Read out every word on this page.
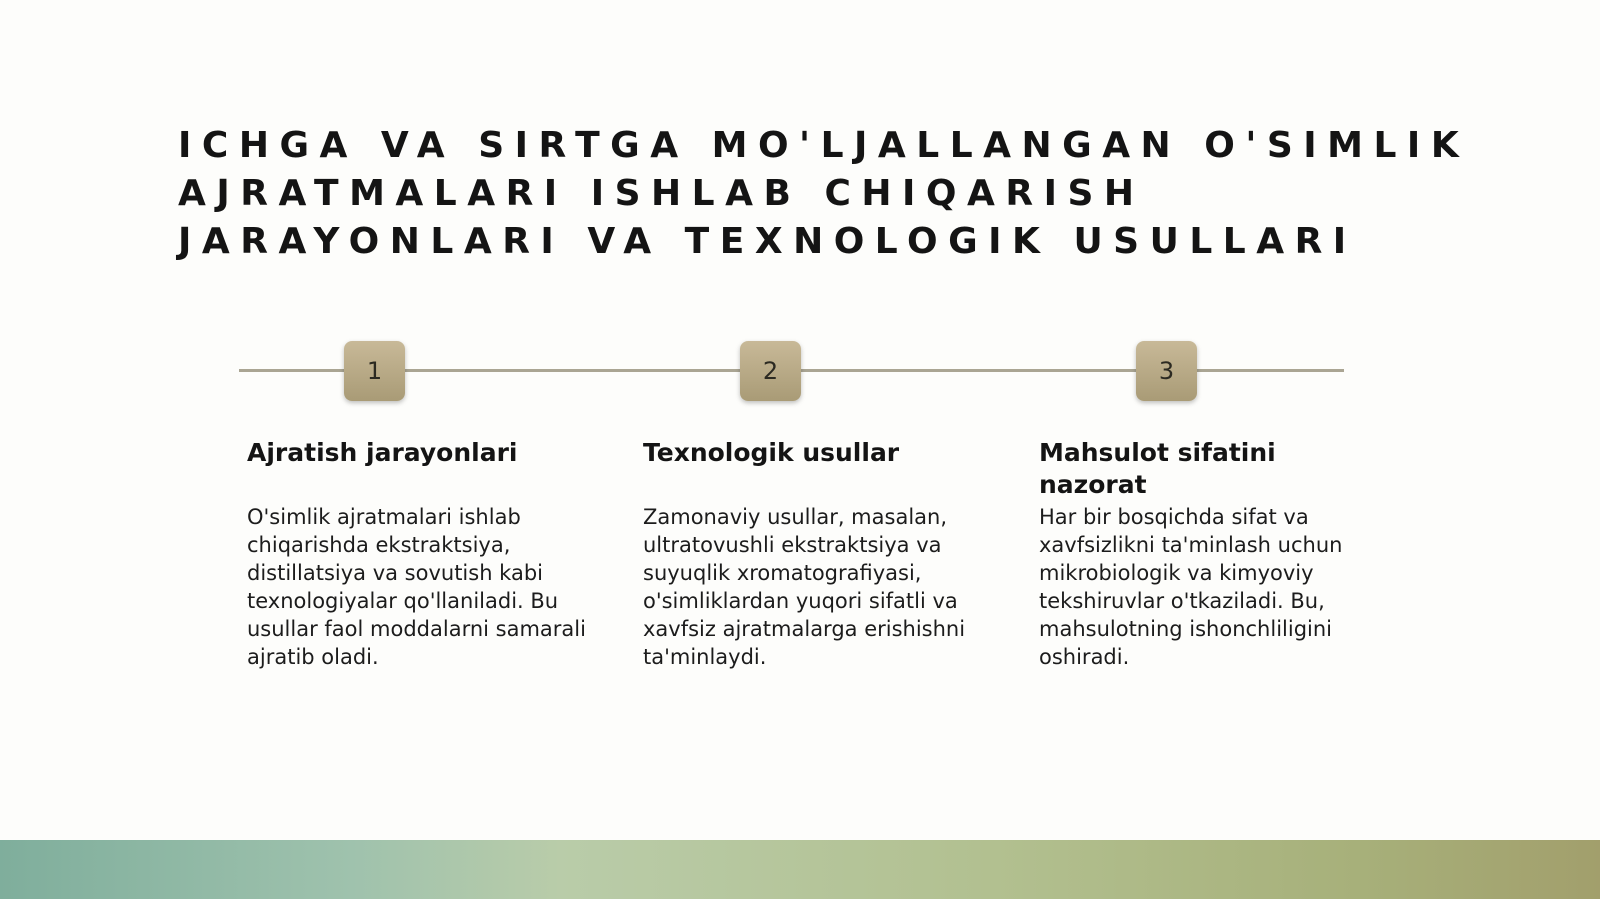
ICHGA VA SIRTGA MO'LJALLANGAN O'SIMLIK
AJRATMALARI ISHLAB CHIQARISH
JARAYONLARI VA TEXNOLOGIK USULLARI
1	2	3
Ajratish jarayonlari

O'simlik ajratmalari ishlab chiqarishda ekstraktsiya, distillatsiya va sovutish kabi texnologiyalar qo'llaniladi. Bu usullar faol moddalarni samarali ajratib oladi.

Texnologik usullar

Zamonaviy usullar, masalan, ultratovushli ekstraktsiya va suyuqlik xromatografiyasi, o'simliklardan yuqori sifatli va xavfsiz ajratmalarga erishishni ta'minlaydi.

Mahsulot sifatini nazorat

Har bir bosqichda sifat va xavfsizlikni ta'minlash uchun mikrobiologik va kimyoviy tekshiruvlar o'tkaziladi. Bu, mahsulotning ishonchliligini oshiradi.
